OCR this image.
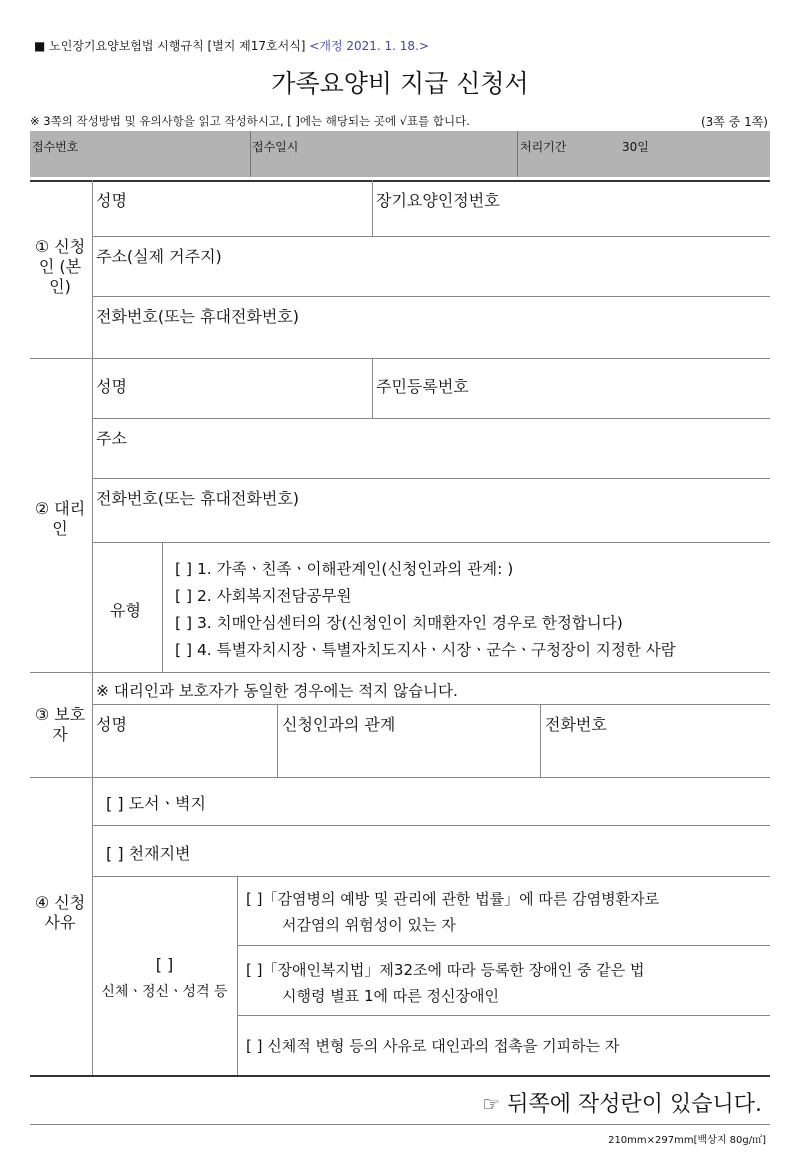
■ 노인장기요양보험법 시행규칙 [별지 제17호서식] <개정 2021. 1. 18.>
가족요양비 지급 신청서
※ 3쪽의 작성방법 및 유의사항을 읽고 작성하시고, [ ]에는 해당되는 곳에 √표를 합니다.	(3쪽 중 1쪽)
접수번호	접수일시	처리기간	30일
① 신청인 (본인)
성명	장기요양인정번호
주소(실제 거주지)
전화번호(또는 휴대전화번호)
② 대리인
성명	주민등록번호
주소
전화번호(또는 휴대전화번호)
유형
[ ] 1. 가족ㆍ친족ㆍ이해관계인(신청인과의 관계: )
[ ] 2. 사회복지전담공무원
[ ] 3. 치매안심센터의 장(신청인이 치매환자인 경우로 한정합니다)
[ ] 4. 특별자치시장ㆍ특별자치도지사ㆍ시장ㆍ군수ㆍ구청장이 지정한 사람
③ 보호자
※ 대리인과 보호자가 동일한 경우에는 적지 않습니다.
성명	신청인과의 관계	전화번호
④ 신청 사유
[ ] 도서ㆍ벽지
[ ] 천재지변
[ ]
신체ㆍ정신ㆍ성격 등
[ ]「감염병의 예방 및 관리에 관한 법률」에 따른 감염병환자로
서감염의 위험성이 있는 자
[ ]「장애인복지법」제32조에 따라 등록한 장애인 중 같은 법
시행령 별표 1에 따른 정신장애인
[ ] 신체적 변형 등의 사유로 대인과의 접촉을 기피하는 자
☞ 뒤쪽에 작성란이 있습니다.
210mm×297mm[백상지 80g/㎡]
